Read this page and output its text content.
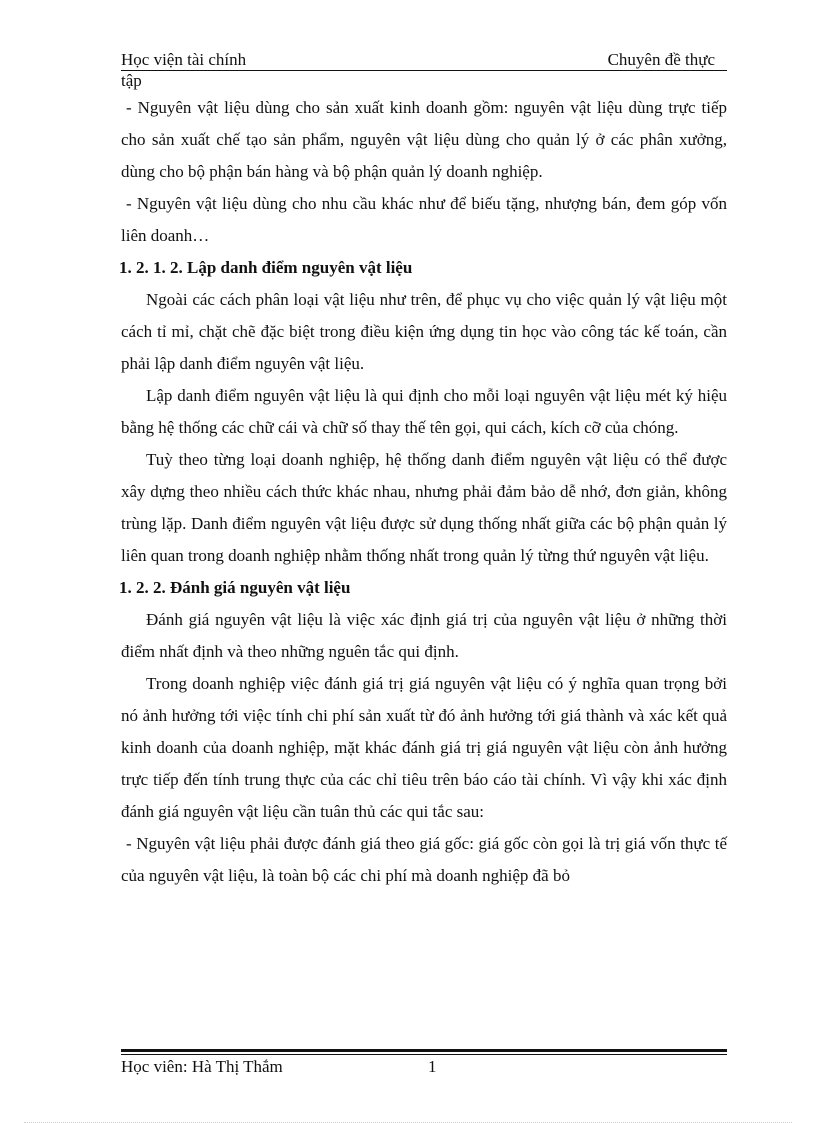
Học viện tài chính	Chuyên đề thực
tập

- Nguyên vật liệu dùng cho sản xuất kinh doanh gồm: nguyên vật liệu dùng trực tiếp cho sản xuất chế tạo sản phẩm, nguyên vật liệu dùng cho quản lý ở các phân xưởng, dùng cho bộ phận bán hàng và bộ phận quản lý doanh nghiệp.

- Nguyên vật liệu dùng cho nhu cầu khác như để biếu tặng, nhượng bán, đem góp vốn liên doanh…

1. 2. 1. 2. Lập danh điểm nguyên vật liệu

Ngoài các cách phân loại vật liệu như trên, để phục vụ cho việc quản lý vật liệu một cách tỉ mỉ, chặt chẽ đặc biệt trong điều kiện ứng dụng tin học vào công tác kế toán, cần phải lập danh điểm nguyên vật liệu.

Lập danh điểm nguyên vật liệu là qui định cho mỗi loại nguyên vật liệu mét ký hiệu bằng hệ thống các chữ cái và chữ số thay thế tên gọi, qui cách, kích cỡ của chóng.

Tuỳ theo từng loại doanh nghiệp, hệ thống danh điểm nguyên vật liệu có thể được xây dựng theo nhiều cách thức khác nhau, nhưng phải đảm bảo dễ nhớ, đơn giản, không trùng lặp. Danh điểm nguyên vật liệu được sử dụng thống nhất giữa các bộ phận quản lý liên quan trong doanh nghiệp nhằm thống nhất trong quản lý từng thứ nguyên vật liệu.

1. 2. 2. Đánh giá nguyên vật liệu

Đánh giá nguyên vật liệu là việc xác định giá trị của nguyên vật liệu ở những thời điểm nhất định và theo những nguên tắc qui định.

Trong doanh nghiệp việc đánh giá trị giá nguyên vật liệu có ý nghĩa quan trọng bởi nó ảnh hưởng tới việc tính chi phí sản xuất từ đó ảnh hưởng tới giá thành và xác kết quả kinh doanh của doanh nghiệp, mặt khác đánh giá trị giá nguyên vật liệu còn ảnh hưởng trực tiếp đến tính trung thực của các chỉ tiêu trên báo cáo tài chính. Vì vậy khi xác định đánh giá nguyên vật liệu cần tuân thủ các qui tắc sau:

- Nguyên vật liệu phải được đánh giá theo giá gốc: giá gốc còn gọi là trị giá vốn thực tế của nguyên vật liệu, là toàn bộ các chi phí mà doanh nghiệp đã bỏ

Học viên: Hà Thị Thắm	1
